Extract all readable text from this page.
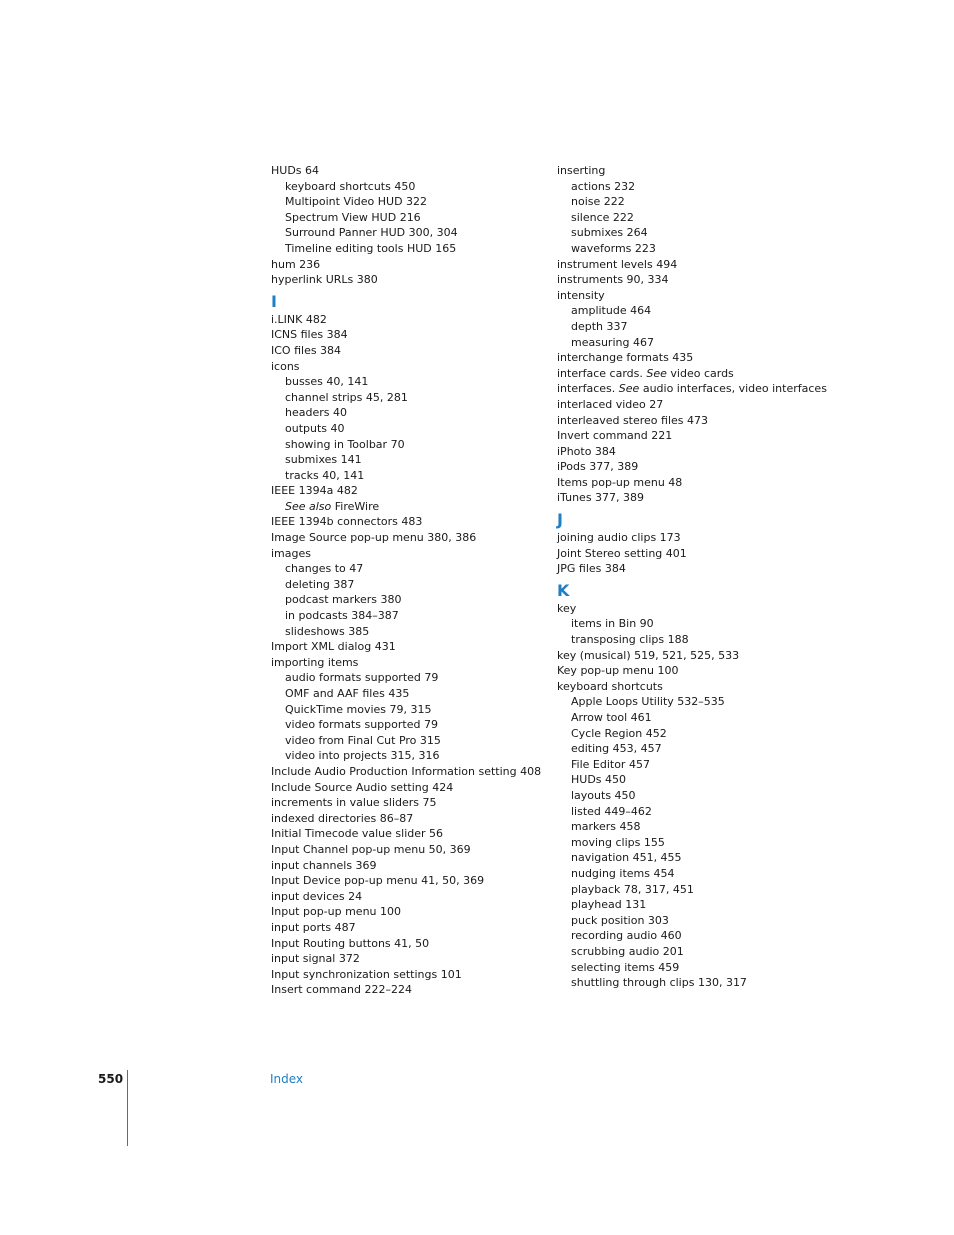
HUDs 64
keyboard shortcuts 450
Multipoint Video HUD 322
Spectrum View HUD 216
Surround Panner HUD 300, 304
Timeline editing tools HUD 165
hum 236
hyperlink URLs 380
I
i.LINK 482
ICNS files 384
ICO files 384
icons
busses 40, 141
channel strips 45, 281
headers 40
outputs 40
showing in Toolbar 70
submixes 141
tracks 40, 141
IEEE 1394a 482
See also FireWire
IEEE 1394b connectors 483
Image Source pop-up menu 380, 386
images
changes to 47
deleting 387
podcast markers 380
in podcasts 384–387
slideshows 385
Import XML dialog 431
importing items
audio formats supported 79
OMF and AAF files 435
QuickTime movies 79, 315
video formats supported 79
video from Final Cut Pro 315
video into projects 315, 316
Include Audio Production Information setting 408
Include Source Audio setting 424
increments in value sliders 75
indexed directories 86–87
Initial Timecode value slider 56
Input Channel pop-up menu 50, 369
input channels 369
Input Device pop-up menu 41, 50, 369
input devices 24
Input pop-up menu 100
input ports 487
Input Routing buttons 41, 50
input signal 372
Input synchronization settings 101
Insert command 222–224
inserting
actions 232
noise 222
silence 222
submixes 264
waveforms 223
instrument levels 494
instruments 90, 334
intensity
amplitude 464
depth 337
measuring 467
interchange formats 435
interface cards. See video cards
interfaces. See audio interfaces, video interfaces
interlaced video 27
interleaved stereo files 473
Invert command 221
iPhoto 384
iPods 377, 389
Items pop-up menu 48
iTunes 377, 389
J
joining audio clips 173
Joint Stereo setting 401
JPG files 384
K
key
items in Bin 90
transposing clips 188
key (musical) 519, 521, 525, 533
Key pop-up menu 100
keyboard shortcuts
Apple Loops Utility 532–535
Arrow tool 461
Cycle Region 452
editing 453, 457
File Editor 457
HUDs 450
layouts 450
listed 449–462
markers 458
moving clips 155
navigation 451, 455
nudging items 454
playback 78, 317, 451
playhead 131
puck position 303
recording audio 460
scrubbing audio 201
selecting items 459
shuttling through clips 130, 317
550	Index
